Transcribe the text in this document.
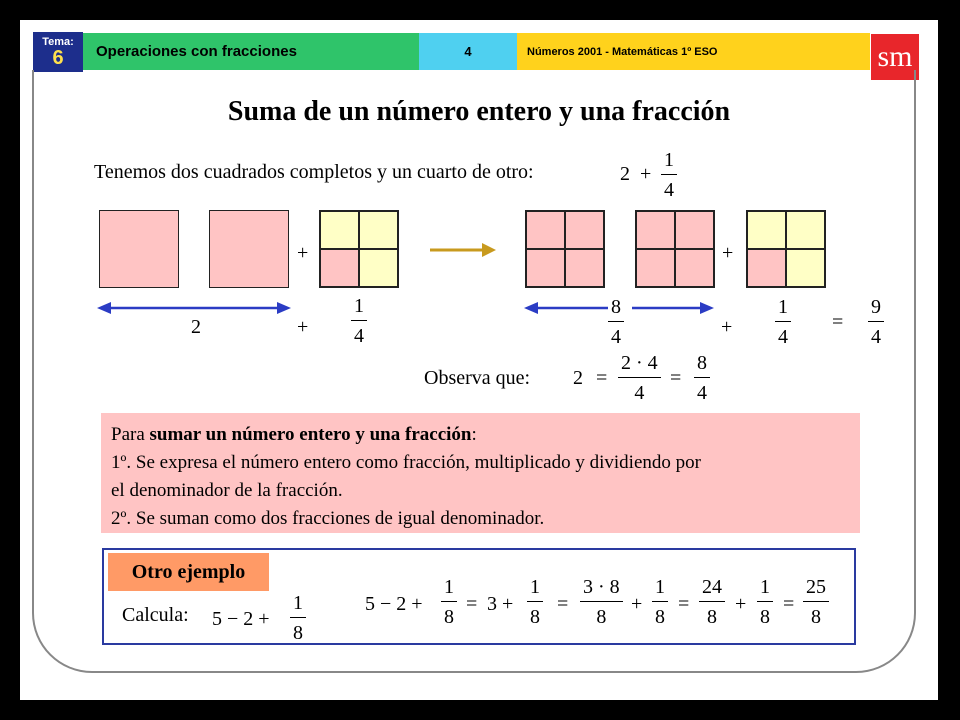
Tema:
6	Operaciones con fracciones	4	Números 2001 - Matemáticas 1º ESO	sm
Suma de un número entero y una fracción
Tenemos dos cuadrados completos y un cuarto de otro:	2 +
1
4
+	+
2	+
1
4
8
4	+
1
4
=
9
4
Observa que: 2 =
2 · 4
4
=
8
4
Para sumar un número entero y una fracción:
1º. Se expresa el número entero como fracción, multiplicado y dividiendo por
el denominador de la fracción.
2º. Se suman como dos fracciones de igual denominador.
Otro ejemplo
Calcula: 5 − 2 +
1
8
5 − 2 +
1
8
= 3 +
1
8
=
3 · 8
8
+
1
8
=
24
8
+
1
8
=
25
8
